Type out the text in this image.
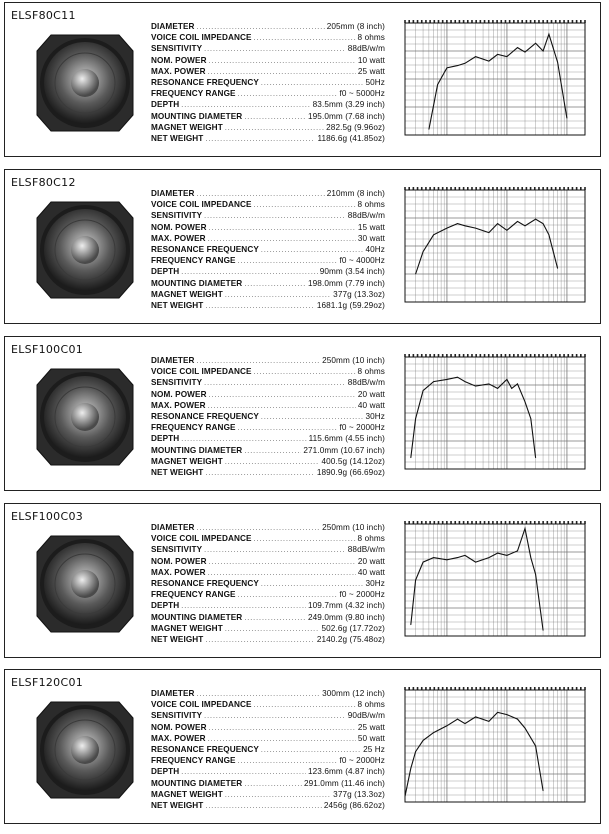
ELSF80C11
DIAMETER .....	205mm (8 inch)
VOICE COIL IMPEDANCE .....	8 ohms
SENSITIVITY .....	88dB/w/m
NOM. POWER .....	10 watt
MAX. POWER .....	25 watt
RESONANCE FREQUENCY .....	50Hz
FREQUENCY RANGE .....	f0 ~ 5000Hz
DEPTH .....	83.5mm (3.29 inch)
MOUNTING DIAMETER .....	195.0mm (7.68 inch)
MAGNET WEIGHT .....	282.5g (9.96oz)
NET WEIGHT .....	1186.6g (41.85oz)
ELSF80C12
DIAMETER .....	210mm (8 inch)
VOICE COIL IMPEDANCE .....	8 ohms
SENSITIVITY .....	88dB/w/m
NOM. POWER .....	15 watt
MAX. POWER .....	30 watt
RESONANCE FREQUENCY .....	40Hz
FREQUENCY RANGE .....	f0 ~ 4000Hz
DEPTH .....	90mm (3.54 inch)
MOUNTING DIAMETER .....	198.0mm (7.79 inch)
MAGNET WEIGHT .....	377g (13.3oz)
NET WEIGHT .....	1681.1g (59.29oz)
ELSF100C01
DIAMETER .....	250mm (10 inch)
VOICE COIL IMPEDANCE .....	8 ohms
SENSITIVITY .....	88dB/w/m
NOM. POWER .....	20 watt
MAX. POWER .....	40 watt
RESONANCE FREQUENCY .....	30Hz
FREQUENCY RANGE .....	f0 ~ 2000Hz
DEPTH .....	115.6mm (4.55 inch)
MOUNTING DIAMETER .....	271.0mm (10.67 inch)
MAGNET WEIGHT .....	400.5g (14.12oz)
NET WEIGHT .....	1890.9g (66.69oz)
ELSF100C03
DIAMETER .....	250mm (10 inch)
VOICE COIL IMPEDANCE .....	8 ohms
SENSITIVITY .....	88dB/w/m
NOM. POWER .....	20 watt
MAX. POWER .....	40 watt
RESONANCE FREQUENCY .....	30Hz
FREQUENCY RANGE .....	f0 ~ 2000Hz
DEPTH .....	109.7mm (4.32 inch)
MOUNTING DIAMETER .....	249.0mm (9.80 inch)
MAGNET WEIGHT .....	502.6g (17.72oz)
NET WEIGHT .....	2140.2g (75.48oz)
ELSF120C01
DIAMETER .....	300mm (12 inch)
VOICE COIL IMPEDANCE .....	8 ohms
SENSITIVITY .....	90dB/w/m
NOM. POWER .....	25 watt
MAX. POWER .....	50 watt
RESONANCE FREQUENCY .....	25 Hz
FREQUENCY RANGE .....	f0 ~ 2000Hz
DEPTH .....	123.6mm (4.87 inch)
MOUNTING DIAMETER .....	291.0mm (11.46 inch)
MAGNET WEIGHT .....	377g (13.3oz)
NET WEIGHT .....	2456g (86.62oz)
